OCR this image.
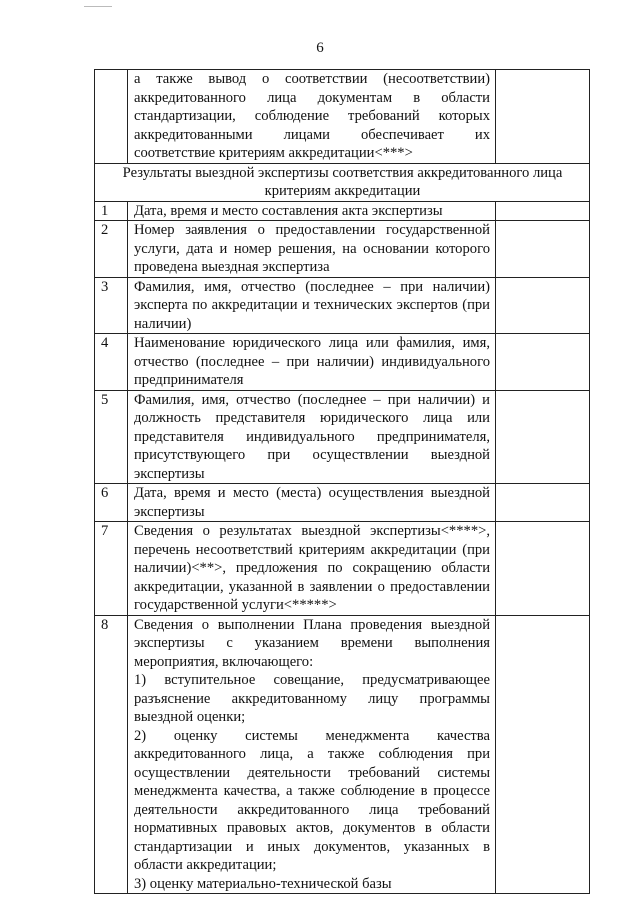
6
	а также вывод о соответствии (несоответствии) аккредитованного лица документам в области стандартизации, соблюдение требований которых аккредитованными лицами обеспечивает их соответствие критериям аккредитации<***>	
Результаты выездной экспертизы соответствия аккредитованного лица критериям аккредитации		
1	Дата, время и место составления акта экспертизы	

2	Номер заявления о предоставлении государственной услуги, дата и номер решения, на основании которого проведена выездная экспертиза	

3	Фамилия, имя, отчество (последнее – при наличии) эксперта по аккредитации и технических экспертов (при наличии)	

4	Наименование юридического лица или фамилия, имя, отчество (последнее – при наличии) индивидуального предпринимателя	

5	Фамилия, имя, отчество (последнее – при наличии) и должность представителя юридического лица или представителя индивидуального предпринимателя, присутствующего при осуществлении выездной экспертизы	

6	Дата, время и место (места) осуществления выездной экспертизы	

7	Сведения о результатах выездной экспертизы<****>, перечень несоответствий критериям аккредитации (при наличии)<**>, предложения по сокращению области аккредитации, указанной в заявлении о предоставлении государственной услуги<*****>	

8	Сведения о выполнении Плана проведения выездной экспертизы с указанием времени выполнения мероприятия, включающего:
1) вступительное совещание, предусматривающее разъяснение аккредитованному лицу программы выездной оценки;
2) оценку системы менеджмента качества аккредитованного лица, а также соблюдения при осуществлении деятельности требований системы менеджмента качества, а также соблюдение в процессе деятельности аккредитованного лица требований нормативных правовых актов, документов в области стандартизации и иных документов, указанных в области аккредитации;
3) оценку материально-технической базы	
